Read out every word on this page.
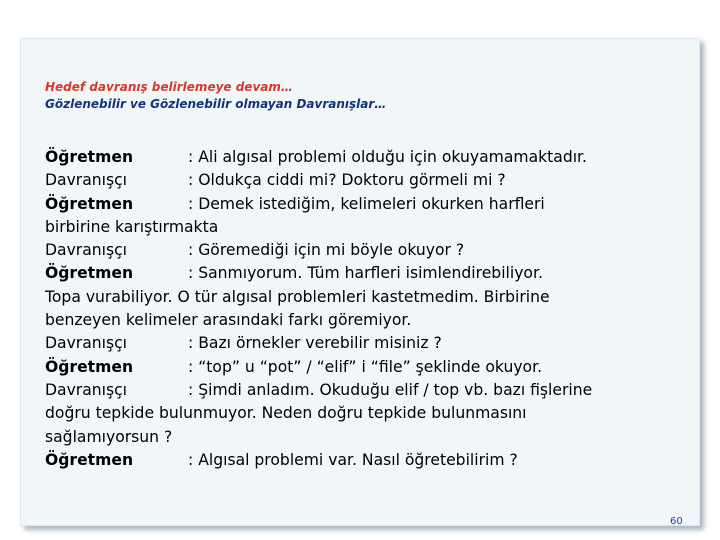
Hedef davranış belirlemeye devam…
Gözlenebilir ve Gözlenebilir olmayan Davranışlar…
Öğretmen	: Ali algısal problemi olduğu için okuyamamaktadır.
Davranışçı	: Oldukça ciddi mi? Doktoru görmeli mi ?
Öğretmen	: Demek istediğim, kelimeleri okurken harfleri
birbirine karıştırmakta
Davranışçı	: Göremediği için mi böyle okuyor ?
Öğretmen	: Sanmıyorum. Tüm harfleri isimlendirebiliyor.
Topa vurabiliyor. O tür algısal problemleri kastetmedim. Birbirine
benzeyen kelimeler arasındaki farkı göremiyor.
Davranışçı	: Bazı örnekler verebilir misiniz ?
Öğretmen	: “top” u “pot” / “elif” i “file” şeklinde okuyor.
Davranışçı	: Şimdi anladım. Okuduğu elif / top vb. bazı fişlerine
doğru tepkide bulunmuyor. Neden doğru tepkide bulunmasını
sağlamıyorsun ?
Öğretmen	: Algısal problemi var. Nasıl öğretebilirim ?
60
